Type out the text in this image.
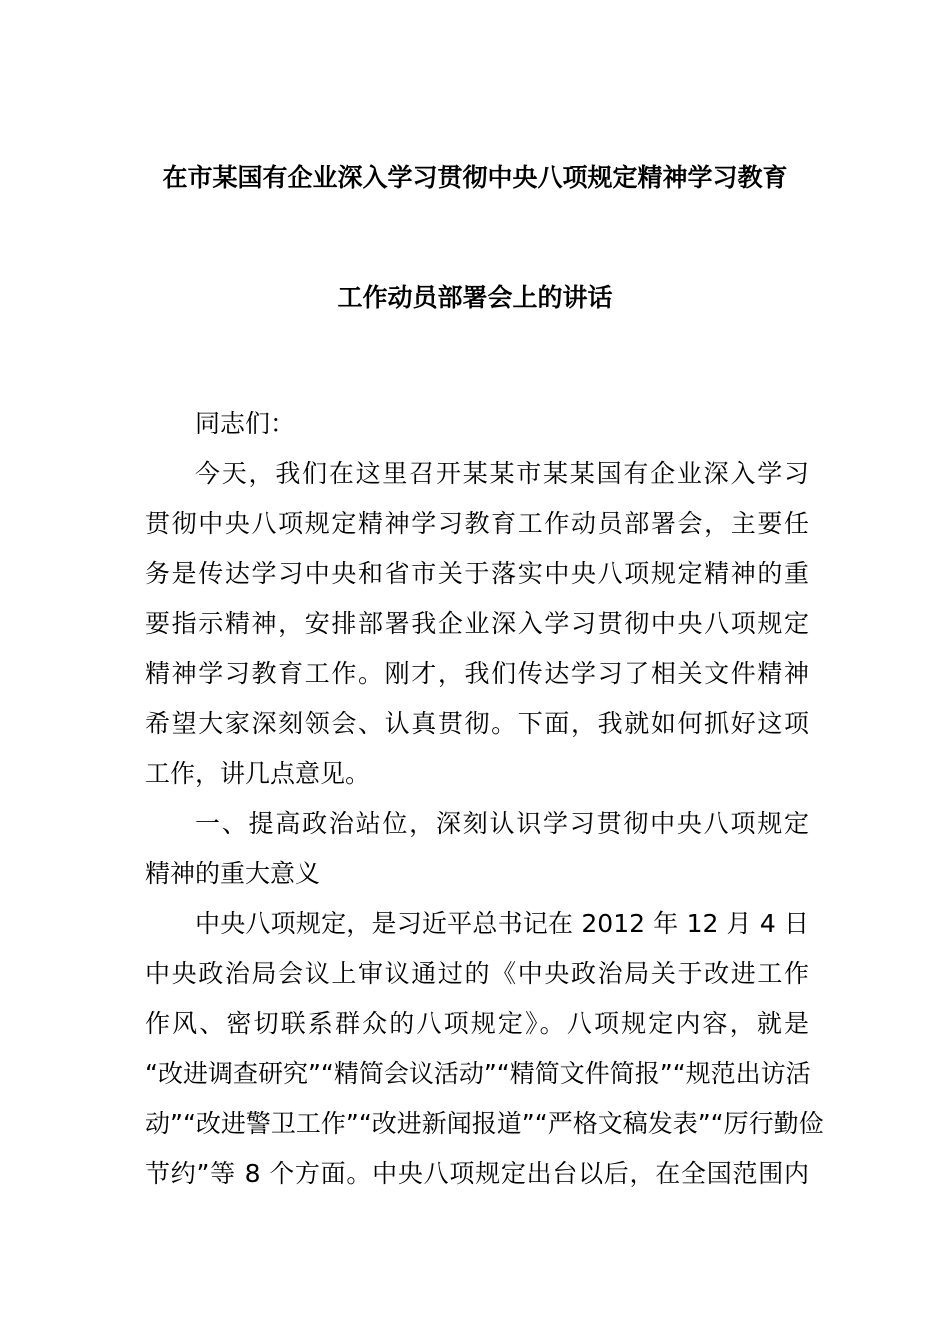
在市某国有企业深入学习贯彻中央八项规定精神学习教育
工作动员部署会上的讲话
同志们：
今天，我们在这里召开某某市某某国有企业深入学习
贯彻中央八项规定精神学习教育工作动员部署会，主要任
务是传达学习中央和省市关于落实中央八项规定精神的重
要指示精神，安排部署我企业深入学习贯彻中央八项规定
精神学习教育工作。刚才，我们传达学习了相关文件精神
希望大家深刻领会、认真贯彻。下面，我就如何抓好这项
工作，讲几点意见。
一、提高政治站位，深刻认识学习贯彻中央八项规定
精神的重大意义
中央八项规定，是习近平总书记在 2012 年 12 月 4 日
中央政治局会议上审议通过的《中央政治局关于改进工作
作风、密切联系群众的八项规定》。八项规定内容，就是
“改进调查研究”“精简会议活动”“精简文件简报”“规范出访活
动”“改进警卫工作”“改进新闻报道”“严格文稿发表”“厉行勤俭
节约”等 8 个方面。中央八项规定出台以后，在全国范围内
